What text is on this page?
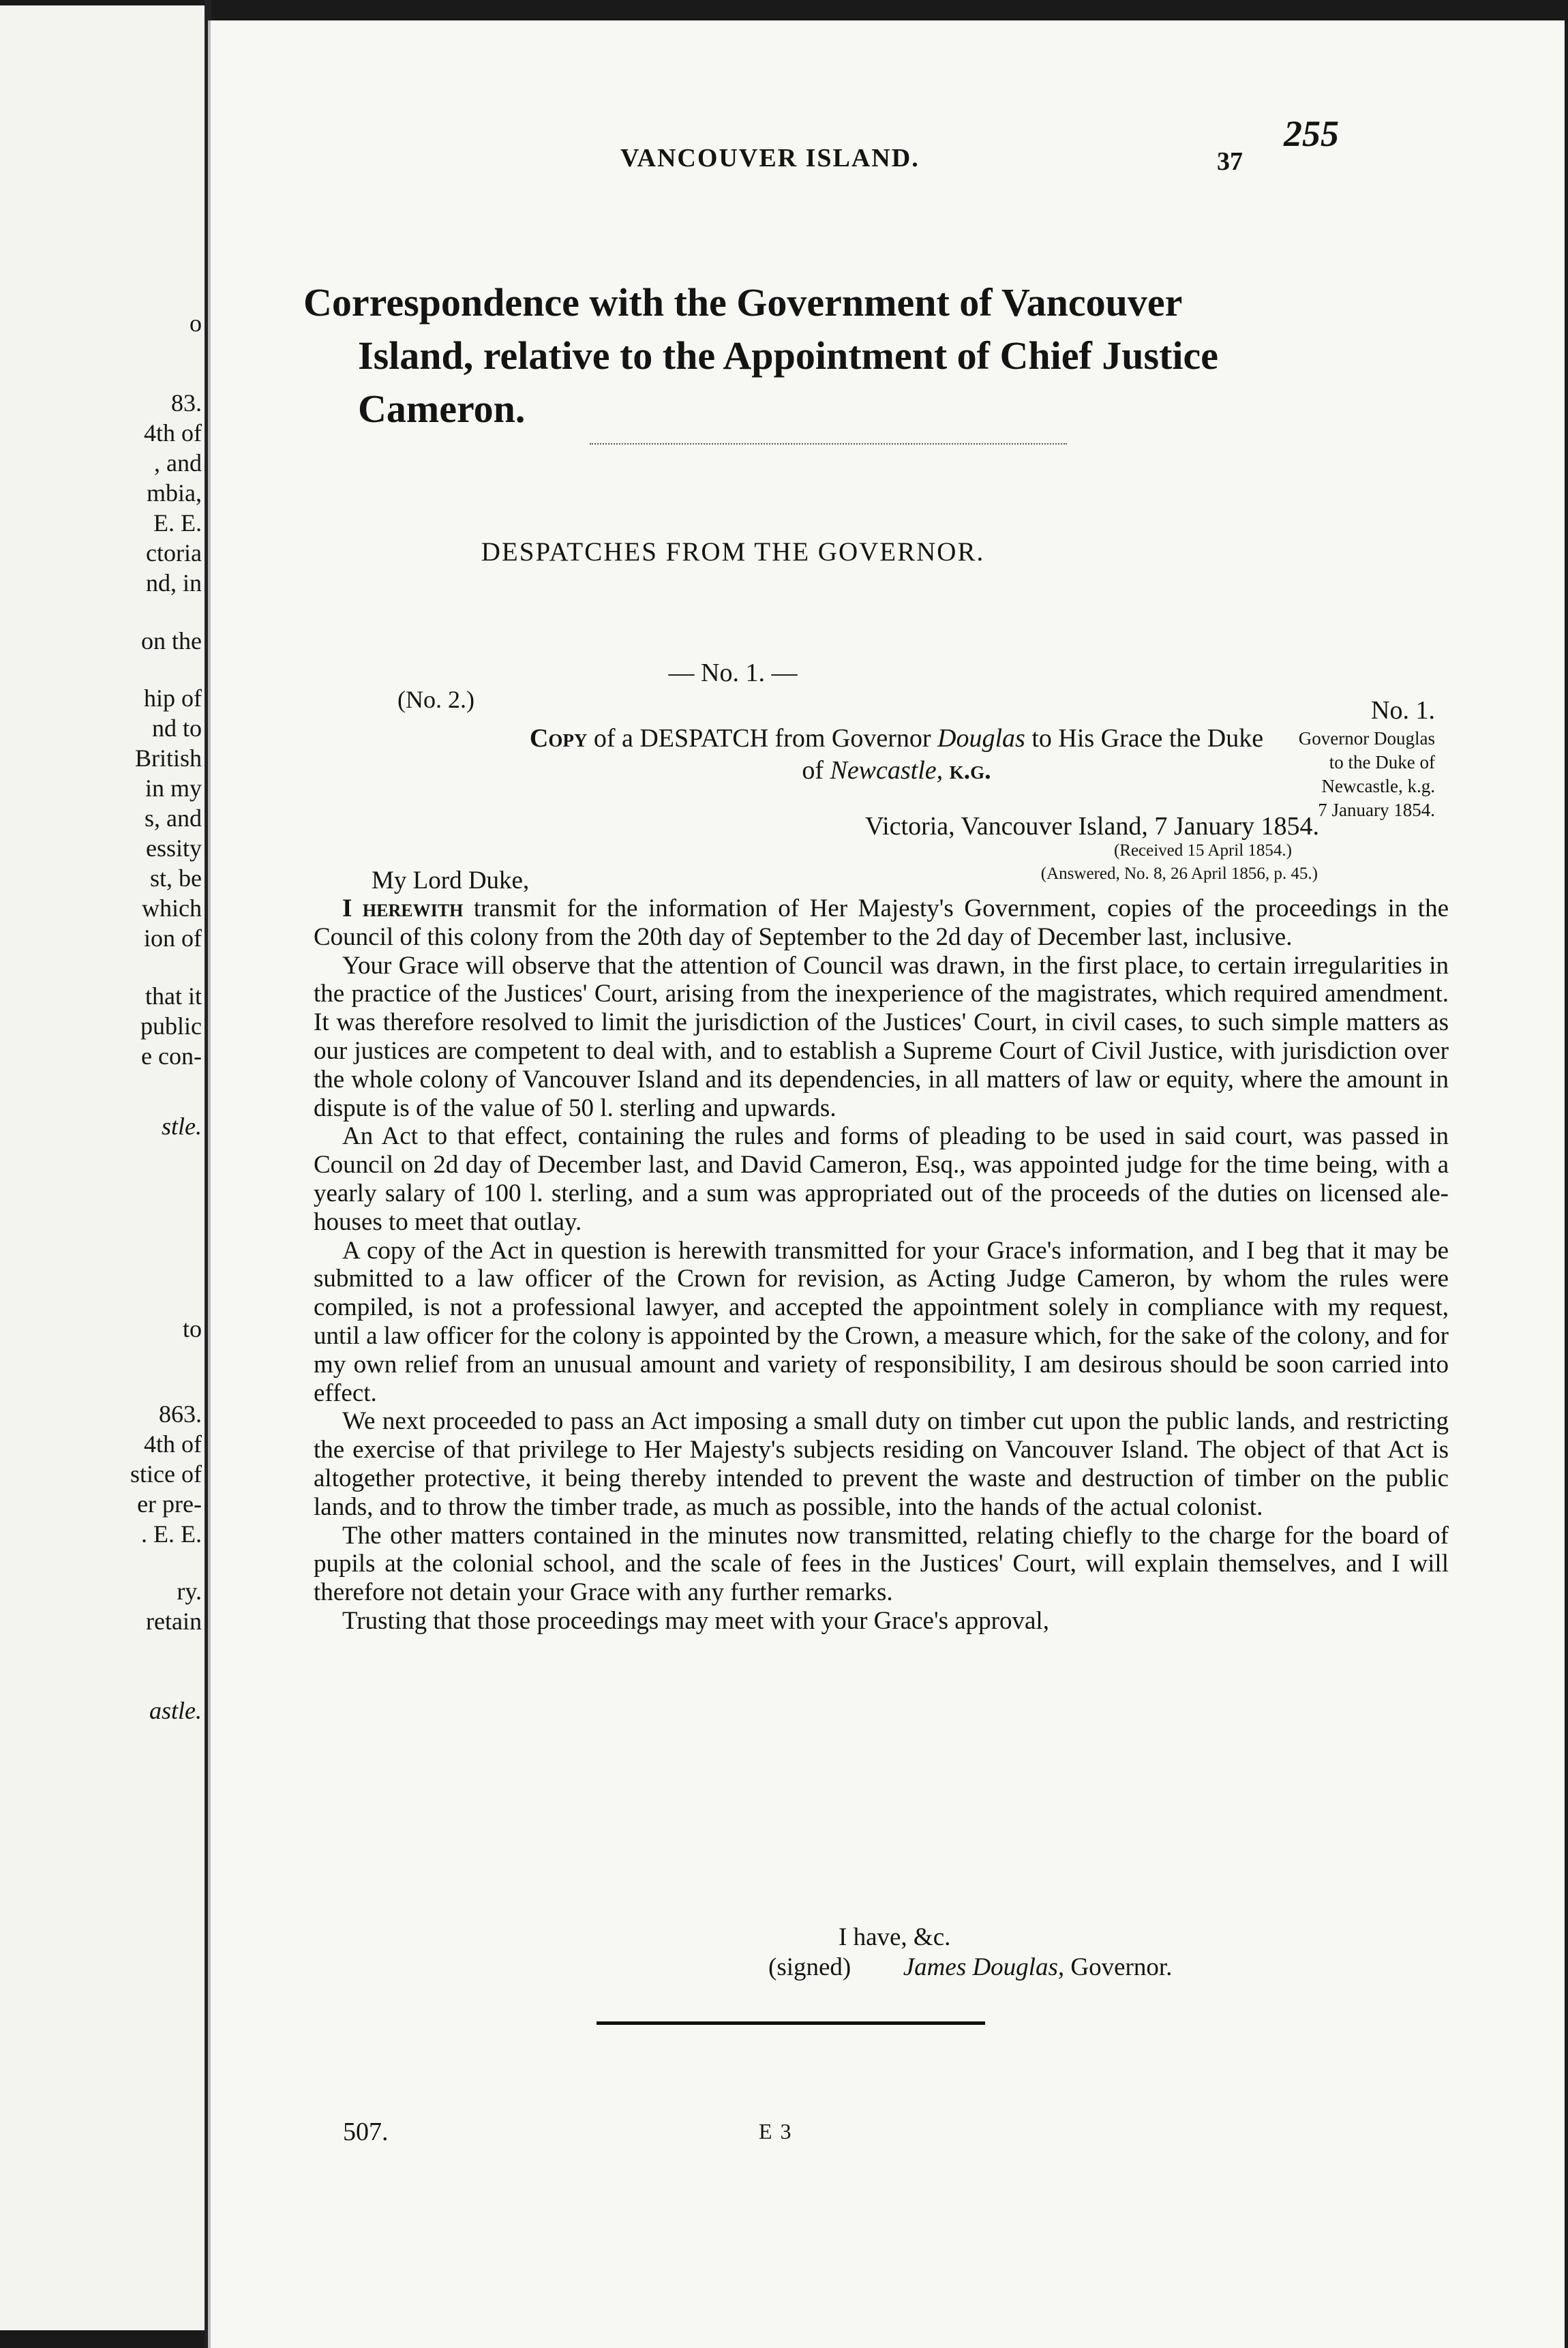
o

83.

4th of

, and

mbia,

E. E.

ctoria

nd, in

on the

hip of

nd to

British

in my

s, and

essity

st, be

which

ion of

that it

public

e con-

stle.

to

863.

4th of

stice of

er pre-

. E. E.

ry.

retain

astle.

VANCOUVER ISLAND.	37

255

Correspondence with the Government of Vancouver
Island, relative to the Appointment of Chief Justice
Cameron.

DESPATCHES FROM THE GOVERNOR.

— No. 1. —

(No. 2.)

Copy of a DESPATCH from Governor Douglas to His Grace the Duke
of Newcastle, k.g.

Victoria, Vancouver Island, 7 January 1854.

(Received 15 April 1854.)

(Answered, No. 8, 26 April 1856, p. 45.)

My Lord Duke,

No. 1.
Governor Douglas
to the Duke of
Newcastle, k.g.
7 January 1854.

I herewith transmit for the information of Her Majesty's Government, copies of the proceedings in the Council of this colony from the 20th day of September to the 2d day of December last, inclusive.

Your Grace will observe that the attention of Council was drawn, in the first place, to certain irregularities in the practice of the Justices' Court, arising from the inexperience of the magistrates, which required amendment. It was therefore resolved to limit the jurisdiction of the Justices' Court, in civil cases, to such simple matters as our justices are competent to deal with, and to establish a Supreme Court of Civil Justice, with jurisdiction over the whole colony of Vancouver Island and its dependencies, in all matters of law or equity, where the amount in dispute is of the value of 50 l. sterling and upwards.

An Act to that effect, containing the rules and forms of pleading to be used in said court, was passed in Council on 2d day of December last, and David Cameron, Esq., was appointed judge for the time being, with a yearly salary of 100 l. sterling, and a sum was appropriated out of the proceeds of the duties on licensed ale-houses to meet that outlay.

A copy of the Act in question is herewith transmitted for your Grace's information, and I beg that it may be submitted to a law officer of the Crown for revision, as Acting Judge Cameron, by whom the rules were compiled, is not a professional lawyer, and accepted the appointment solely in compliance with my request, until a law officer for the colony is appointed by the Crown, a measure which, for the sake of the colony, and for my own relief from an unusual amount and variety of responsibility, I am desirous should be soon carried into effect.

We next proceeded to pass an Act imposing a small duty on timber cut upon the public lands, and restricting the exercise of that privilege to Her Majesty's subjects residing on Vancouver Island. The object of that Act is altogether protective, it being thereby intended to prevent the waste and destruction of timber on the public lands, and to throw the timber trade, as much as possible, into the hands of the actual colonist.

The other matters contained in the minutes now transmitted, relating chiefly to the charge for the board of pupils at the colonial school, and the scale of fees in the Justices' Court, will explain themselves, and I will therefore not detain your Grace with any further remarks.

Trusting that those proceedings may meet with your Grace's approval,

I have, &c.

(signed) James Douglas, Governor.

507.	E 3
